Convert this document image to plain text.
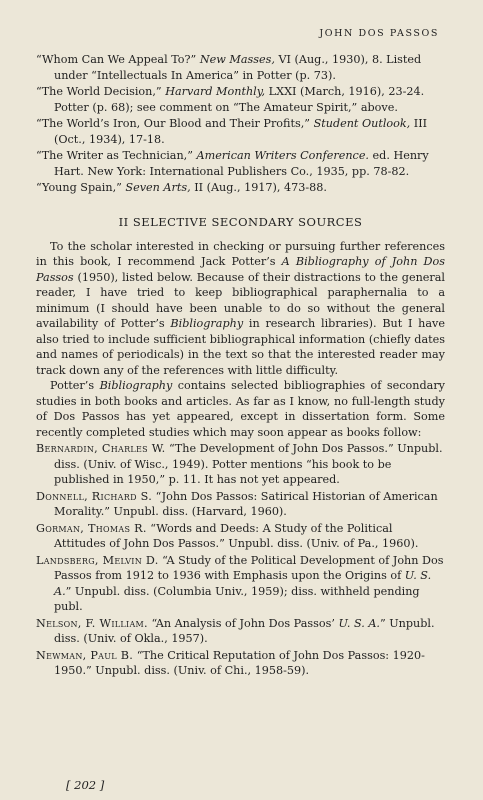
JOHN DOS PASSOS

“Whom Can We Appeal To?” New Masses, VI (Aug., 1930), 8. Listed under “Intellectuals In America” in Potter (p. 73).

“The World Decision,” Harvard Monthly, LXXI (March, 1916), 23-24. Potter (p. 68); see comment on “The Amateur Spirit,” above.

“The World’s Iron, Our Blood and Their Profits,” Student Outlook, III (Oct., 1934), 17-18.

“The Writer as Technician,” American Writers Conference. ed. Henry Hart. New York: International Publishers Co., 1935, pp. 78-82.

“Young Spain,” Seven Arts, II (Aug., 1917), 473-88.

II SELECTIVE SECONDARY SOURCES

To the scholar interested in checking or pursuing further references in this book, I recommend Jack Potter’s A Bibliography of John Dos Passos (1950), listed below. Because of their distractions to the general reader, I have tried to keep bibliographical paraphernalia to a minimum (I should have been unable to do so without the general availability of Potter’s Bibliography in research libraries). But I have also tried to include sufficient bibliographical information (chiefly dates and names of periodicals) in the text so that the interested reader may track down any of the references with little difficulty.

Potter’s Bibliography contains selected bibliographies of secondary studies in both books and articles. As far as I know, no full-length study of Dos Passos has yet appeared, except in dissertation form. Some recently completed studies which may soon appear as books follow:

Bernardin, Charles W. “The Development of John Dos Passos.” Unpubl. diss. (Univ. of Wisc., 1949). Potter mentions “his book to be published in 1950,” p. 11. It has not yet appeared.

Donnell, Richard S. “John Dos Passos: Satirical Historian of American Morality.” Unpubl. diss. (Harvard, 1960).

Gorman, Thomas R. “Words and Deeds: A Study of the Political Attitudes of John Dos Passos.” Unpubl. diss. (Univ. of Pa., 1960).

Landsberg, Melvin D. “A Study of the Political Development of John Dos Passos from 1912 to 1936 with Emphasis upon the Origins of U. S. A.” Unpubl. diss. (Columbia Univ., 1959); diss. withheld pending publ.

Nelson, F. William. “An Analysis of John Dos Passos’ U. S. A.” Unpubl. diss. (Univ. of Okla., 1957).

Newman, Paul B. “The Critical Reputation of John Dos Passos: 1920-1950.” Unpubl. diss. (Univ. of Chi., 1958-59).

[ 202 ]
